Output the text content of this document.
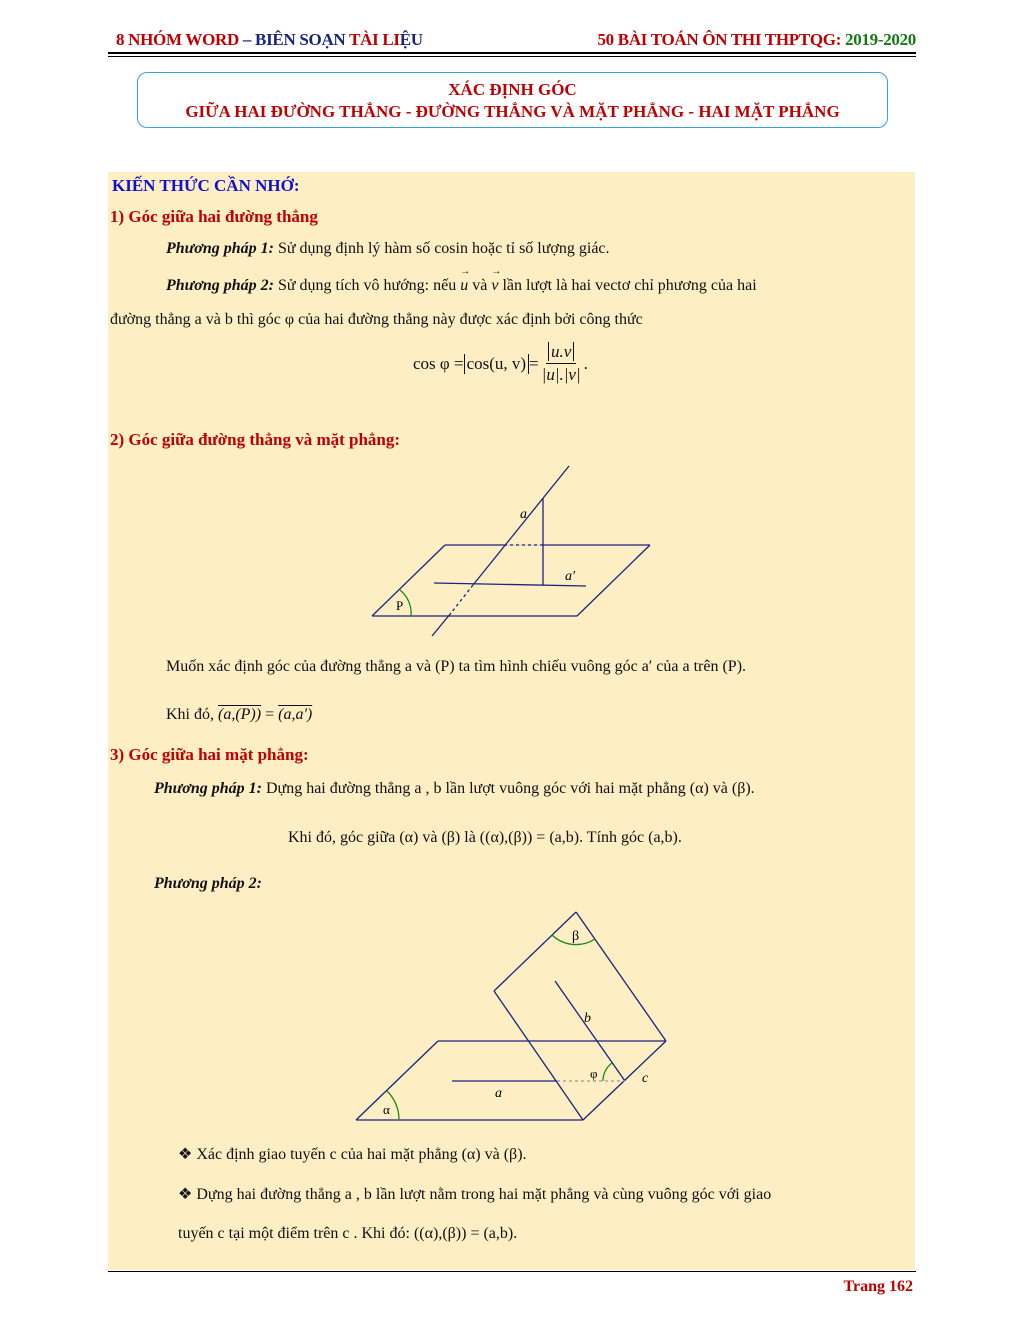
8 NHÓM WORD – BIÊN SOẠN TÀI LIỆU	50 BÀI TOÁN ÔN THI THPTQG: 2019-2020
XÁC ĐỊNH GÓC
GIỮA HAI ĐƯỜNG THẲNG - ĐƯỜNG THẲNG VÀ MẶT PHẲNG - HAI MẶT PHẲNG
KIẾN THỨC CẦN NHỚ:
1) Góc giữa hai đường thẳng
Phương pháp 1: Sử dụng định lý hàm số cosin hoặc tỉ số lượng giác.
Phương pháp 2: Sử dụng tích vô hướng: nếu → u và → v lần lượt là hai vectơ chỉ phương của hai
đường thẳng a và b thì góc φ của hai đường thẳng này được xác định bởi công thức
cos φ = cos(u, $v) = \frac{u.v}{|u|.|v|}$ .
2) Góc giữa đường thẳng và mặt phẳng:
a
a′
P
Muốn xác định góc của đường thẳng a và (P) ta tìm hình chiếu vuông góc a′ của a trên (P).
Khi đó, (a,(P)) = (a,a')
3) Góc giữa hai mặt phẳng:
Phương pháp 1: Dựng hai đường thẳng a , b lần lượt vuông góc với hai mặt phẳng (α) và (β).
Khi đó, góc giữa (α) và (β) là ((α),(β)) = (a,b). Tính góc (a,b).
Phương pháp 2:
β
b
φ	c
a
α
❖ Xác định giao tuyến c của hai mặt phẳng (α) và (β).
❖ Dựng hai đường thẳng a , b lần lượt nằm trong hai mặt phẳng và cùng vuông góc với giao
tuyến c tại một điểm trên c . Khi đó: ((α),(β)) = (a,b).
Trang 162
